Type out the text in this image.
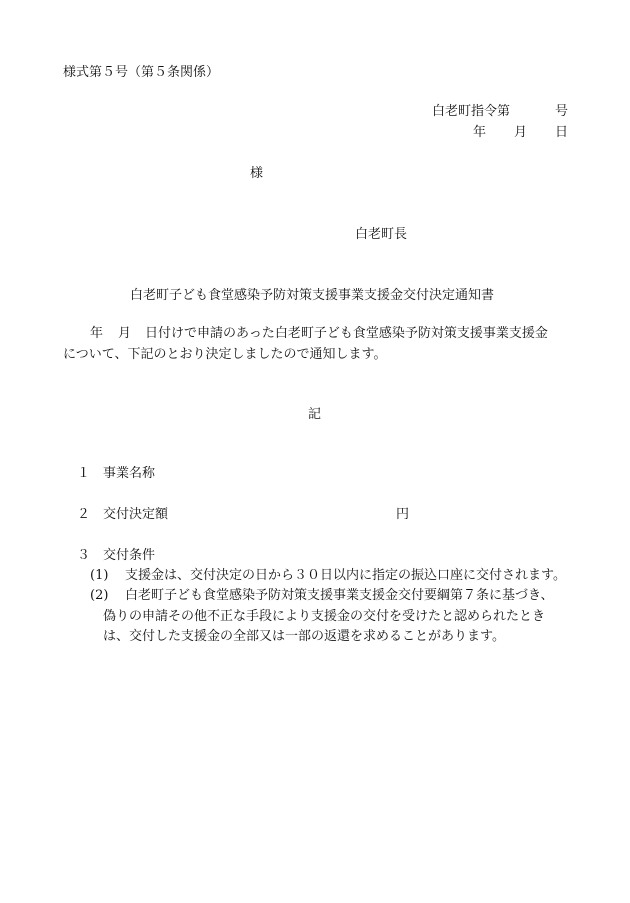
様式第５号（第５条関係）
白老町指令第	号
年 月 日
様
白老町長
白老町子ども食堂感染予防対策支援事業支援金交付決定通知書
年 月 日付けで申請のあった白老町子ども食堂感染予防対策支援事業支援金
について、下記のとおり決定しましたので通知します。
記
１ 事業名称
２ 交付決定額	円
３ 交付条件
(1) 支援金は、交付決定の日から３０日以内に指定の振込口座に交付されます。
(2) 白老町子ども食堂感染予防対策支援事業支援金交付要綱第７条に基づき、
偽りの申請その他不正な手段により支援金の交付を受けたと認められたとき
は、交付した支援金の全部又は一部の返還を求めることがあります。
